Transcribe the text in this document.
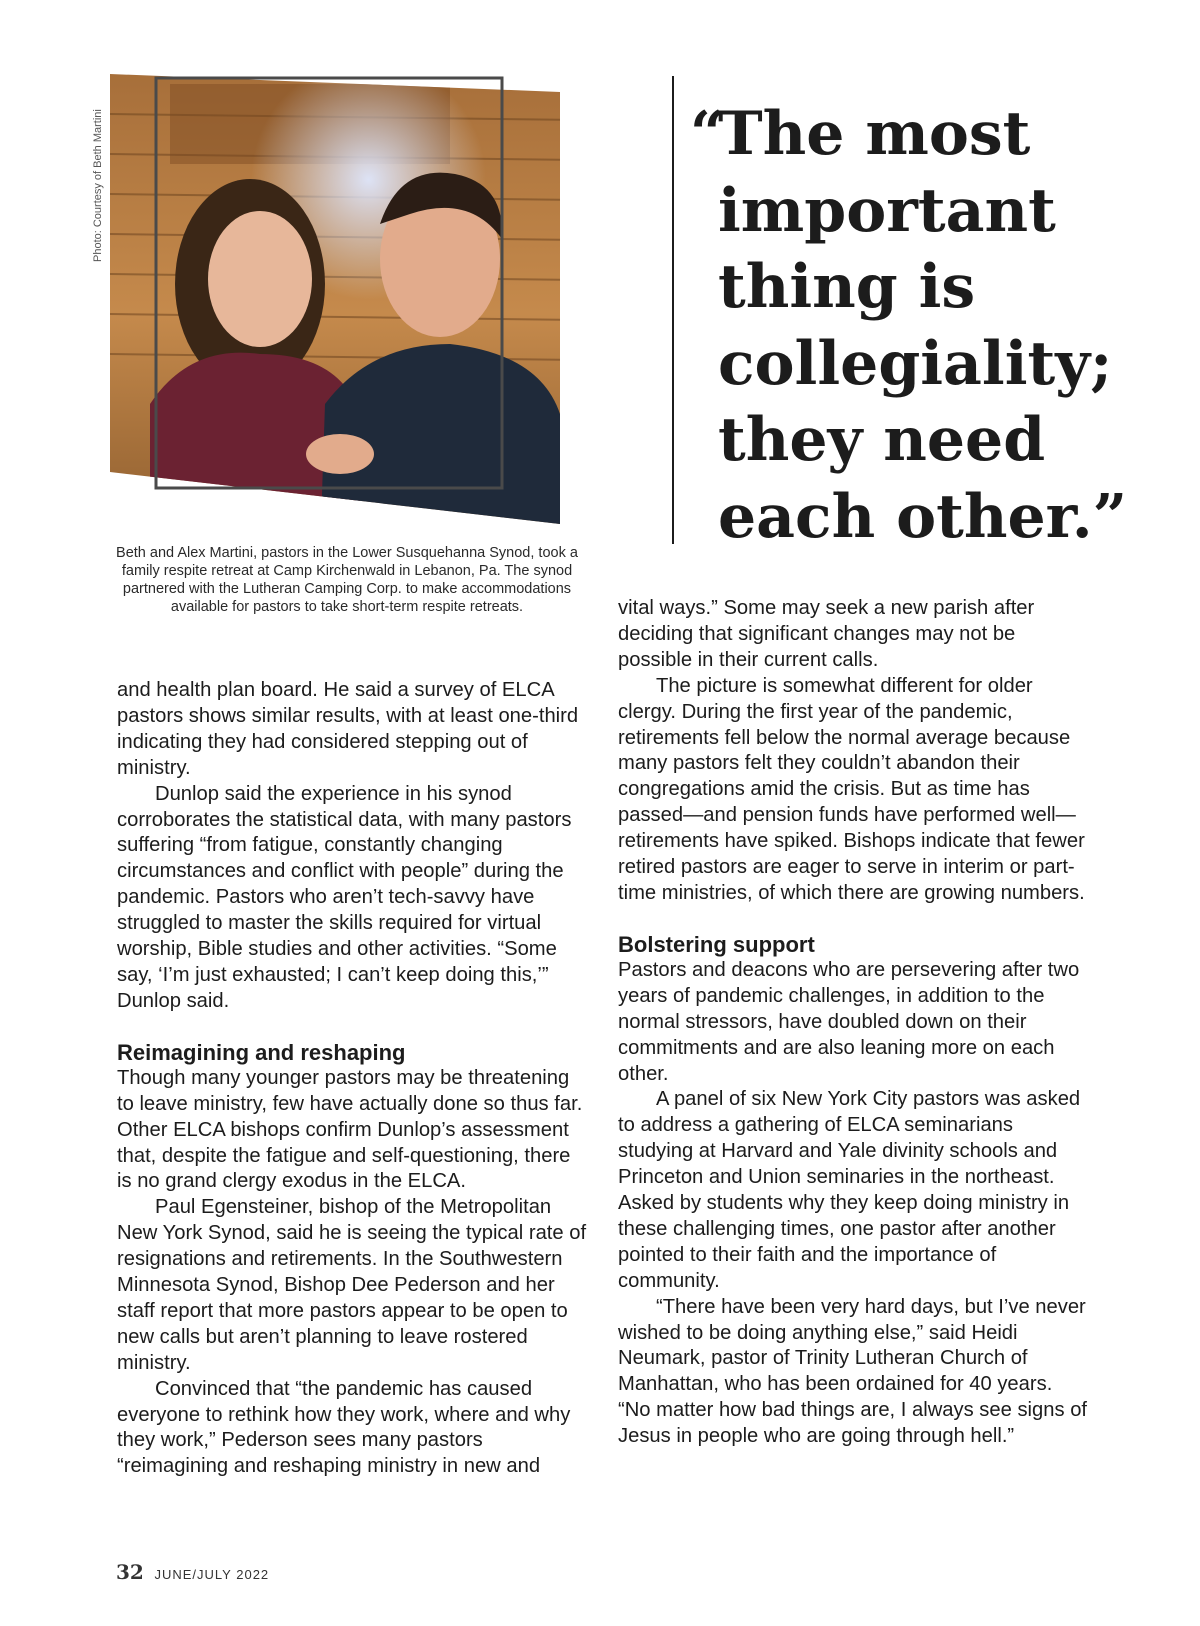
Photo: Courtesy of Beth Martini
Beth and Alex Martini, pastors in the Lower Susquehanna Synod, took a family respite retreat at Camp Kirchenwald in Lebanon, Pa. The synod partnered with the Lutheran Camping Corp. to make accommodations available for pastors to take short-term respite retreats.
“
The most important thing is collegiality; they need each other.”

and health plan board. He said a survey of ELCA pastors shows similar results, with at least one-third indicating they had considered stepping out of ministry.

Dunlop said the experience in his synod corroborates the statistical data, with many pastors suffering “from fatigue, constantly changing circumstances and conflict with people” during the pandemic. Pastors who aren’t tech-savvy have struggled to master the skills required for virtual worship, Bible studies and other activities. “Some say, ‘I’m just exhausted; I can’t keep doing this,’” Dunlop said.

Reimagining and reshaping

Though many younger pastors may be threatening to leave ministry, few have actually done so thus far. Other ELCA bishops confirm Dunlop’s assessment that, despite the fatigue and self-questioning, there is no grand clergy exodus in the ELCA.

Paul Egensteiner, bishop of the Metropolitan New York Synod, said he is seeing the typical rate of resignations and retirements. In the Southwestern Minnesota Synod, Bishop Dee Pederson and her staff report that more pastors appear to be open to new calls but aren’t planning to leave rostered ministry.

Convinced that “the pandemic has caused everyone to rethink how they work, where and why they work,” Pederson sees many pastors “reimagining and reshaping ministry in new and

vital ways.” Some may seek a new parish after deciding that significant changes may not be possible in their current calls.

The picture is somewhat different for older clergy. During the first year of the pandemic, retirements fell below the normal average because many pastors felt they couldn’t abandon their congregations amid the crisis. But as time has passed—and pension funds have performed well—retirements have spiked. Bishops indicate that fewer retired pastors are eager to serve in interim or part-time ministries, of which there are growing numbers.

Bolstering support

Pastors and deacons who are persevering after two years of pandemic challenges, in addition to the normal stressors, have doubled down on their commitments and are also leaning more on each other.

A panel of six New York City pastors was asked to address a gathering of ELCA seminarians studying at Harvard and Yale divinity schools and Princeton and Union seminaries in the northeast. Asked by students why they keep doing ministry in these challenging times, one pastor after another pointed to their faith and the importance of community.

“There have been very hard days, but I’ve never wished to be doing anything else,” said Heidi Neumark, pastor of Trinity Lutheran Church of Manhattan, who has been ordained for 40 years. “No matter how bad things are, I always see signs of Jesus in people who are going through hell.”

32 JUNE/JULY 2022
